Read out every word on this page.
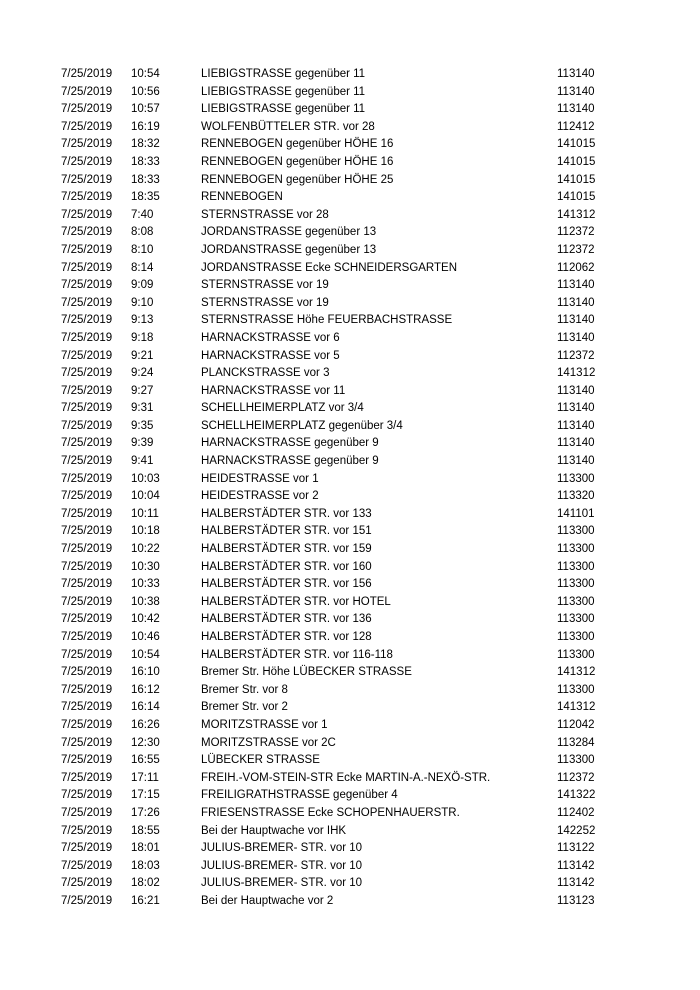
7/25/2019 10:54	LIEBIGSTRASSE gegenüber 11	113140
7/25/2019 10:56	LIEBIGSTRASSE gegenüber 11	113140
7/25/2019 10:57	LIEBIGSTRASSE gegenüber 11	113140
7/25/2019 16:19	WOLFENBÜTTELER STR. vor 28	112412
7/25/2019 18:32	RENNEBOGEN gegenüber HÖHE 16	141015
7/25/2019 18:33	RENNEBOGEN gegenüber HÖHE 16	141015
7/25/2019 18:33	RENNEBOGEN gegenüber HÖHE 25	141015
7/25/2019 18:35	RENNEBOGEN	141015
7/25/2019 7:40	STERNSTRASSE vor 28	141312
7/25/2019 8:08	JORDANSTRASSE gegenüber 13	112372
7/25/2019 8:10	JORDANSTRASSE gegenüber 13	112372
7/25/2019 8:14	JORDANSTRASSE Ecke SCHNEIDERSGARTEN	112062
7/25/2019 9:09	STERNSTRASSE vor 19	113140
7/25/2019 9:10	STERNSTRASSE vor 19	113140
7/25/2019 9:13	STERNSTRASSE Höhe FEUERBACHSTRASSE	113140
7/25/2019 9:18	HARNACKSTRASSE vor 6	113140
7/25/2019 9:21	HARNACKSTRASSE vor 5	112372
7/25/2019 9:24	PLANCKSTRASSE vor 3	141312
7/25/2019 9:27	HARNACKSTRASSE vor 11	113140
7/25/2019 9:31	SCHELLHEIMERPLATZ vor 3/4	113140
7/25/2019 9:35	SCHELLHEIMERPLATZ gegenüber 3/4	113140
7/25/2019 9:39	HARNACKSTRASSE gegenüber 9	113140
7/25/2019 9:41	HARNACKSTRASSE gegenüber 9	113140
7/25/2019 10:03	HEIDESTRASSE vor 1	113300
7/25/2019 10:04	HEIDESTRASSE vor 2	113320
7/25/2019 10:11	HALBERSTÄDTER STR. vor 133	141101
7/25/2019 10:18	HALBERSTÄDTER STR. vor 151	113300
7/25/2019 10:22	HALBERSTÄDTER STR. vor 159	113300
7/25/2019 10:30	HALBERSTÄDTER STR. vor 160	113300
7/25/2019 10:33	HALBERSTÄDTER STR. vor 156	113300
7/25/2019 10:38	HALBERSTÄDTER STR. vor HOTEL	113300
7/25/2019 10:42	HALBERSTÄDTER STR. vor 136	113300
7/25/2019 10:46	HALBERSTÄDTER STR. vor 128	113300
7/25/2019 10:54	HALBERSTÄDTER STR. vor 116-118	113300
7/25/2019 16:10	Bremer Str. Höhe LÜBECKER STRASSE	141312
7/25/2019 16:12	Bremer Str. vor 8	113300
7/25/2019 16:14	Bremer Str. vor 2	141312
7/25/2019 16:26	MORITZSTRASSE vor 1	112042
7/25/2019 12:30	MORITZSTRASSE vor 2C	113284
7/25/2019 16:55	LÜBECKER STRASSE	113300
7/25/2019 17:11	FREIH.-VOM-STEIN-STR Ecke MARTIN-A.-NEXÖ-STR.	112372
7/25/2019 17:15	FREILIGRATHSTRASSE gegenüber 4	141322
7/25/2019 17:26	FRIESENSTRASSE Ecke SCHOPENHAUERSTR.	112402
7/25/2019 18:55	Bei der Hauptwache vor IHK	142252
7/25/2019 18:01	JULIUS-BREMER- STR. vor 10	113122
7/25/2019 18:03	JULIUS-BREMER- STR. vor 10	113142
7/25/2019 18:02	JULIUS-BREMER- STR. vor 10	113142
7/25/2019 16:21	Bei der Hauptwache vor 2	113123
